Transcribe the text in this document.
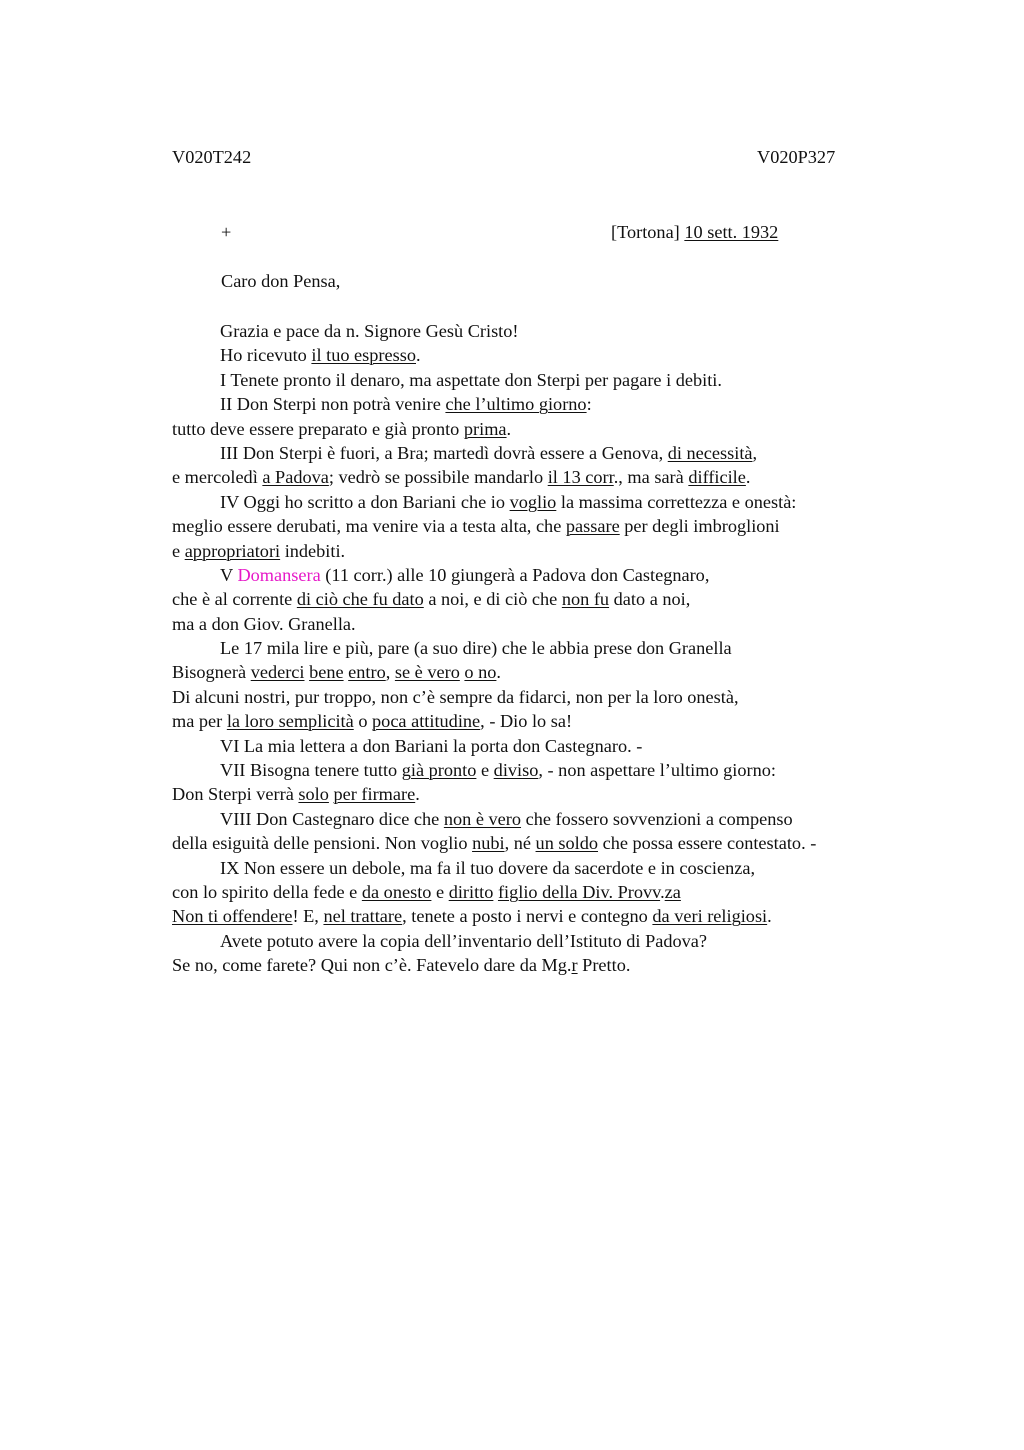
V020T242	V020P327
+	[Tortona] 10 sett. 1932
Caro don Pensa,
Grazia e pace da n. Signore Gesù Cristo!
Ho ricevuto il tuo espresso.
I Tenete pronto il denaro, ma aspettate don Sterpi per pagare i debiti.
II Don Sterpi non potrà venire che l’ultimo giorno:
tutto deve essere preparato e già pronto prima.
III Don Sterpi è fuori, a Bra; martedì dovrà essere a Genova, di necessità,
e mercoledì a Padova; vedrò se possibile mandarlo il 13 corr., ma sarà difficile.
IV Oggi ho scritto a don Bariani che io voglio la massima correttezza e onestà:
meglio essere derubati, ma venire via a testa alta, che passare per degli imbroglioni
e appropriatori indebiti.
V Domansera (11 corr.) alle 10 giungerà a Padova don Castegnaro,
che è al corrente di ciò che fu dato a noi, e di ciò che non fu dato a noi,
ma a don Giov. Granella.
Le 17 mila lire e più, pare (a suo dire) che le abbia prese don Granella
Bisognerà vederci bene entro, se è vero o no.
Di alcuni nostri, pur troppo, non c’è sempre da fidarci, non per la loro onestà,
ma per la loro semplicità o poca attitudine, - Dio lo sa!
VI La mia lettera a don Bariani la porta don Castegnaro. -
VII Bisogna tenere tutto già pronto e diviso, - non aspettare l’ultimo giorno:
Don Sterpi verrà solo per firmare.
VIII Don Castegnaro dice che non è vero che fossero sovvenzioni a compenso
della esiguità delle pensioni. Non voglio nubi, né un soldo che possa essere contestato. -
IX Non essere un debole, ma fa il tuo dovere da sacerdote e in coscienza,
con lo spirito della fede e da onesto e diritto figlio della Div. Provv.za
Non ti offendere! E, nel trattare, tenete a posto i nervi e contegno da veri religiosi.
Avete potuto avere la copia dell’inventario dell’Istituto di Padova?
Se no, come farete? Qui non c’è. Fatevelo dare da Mg.r Pretto.
